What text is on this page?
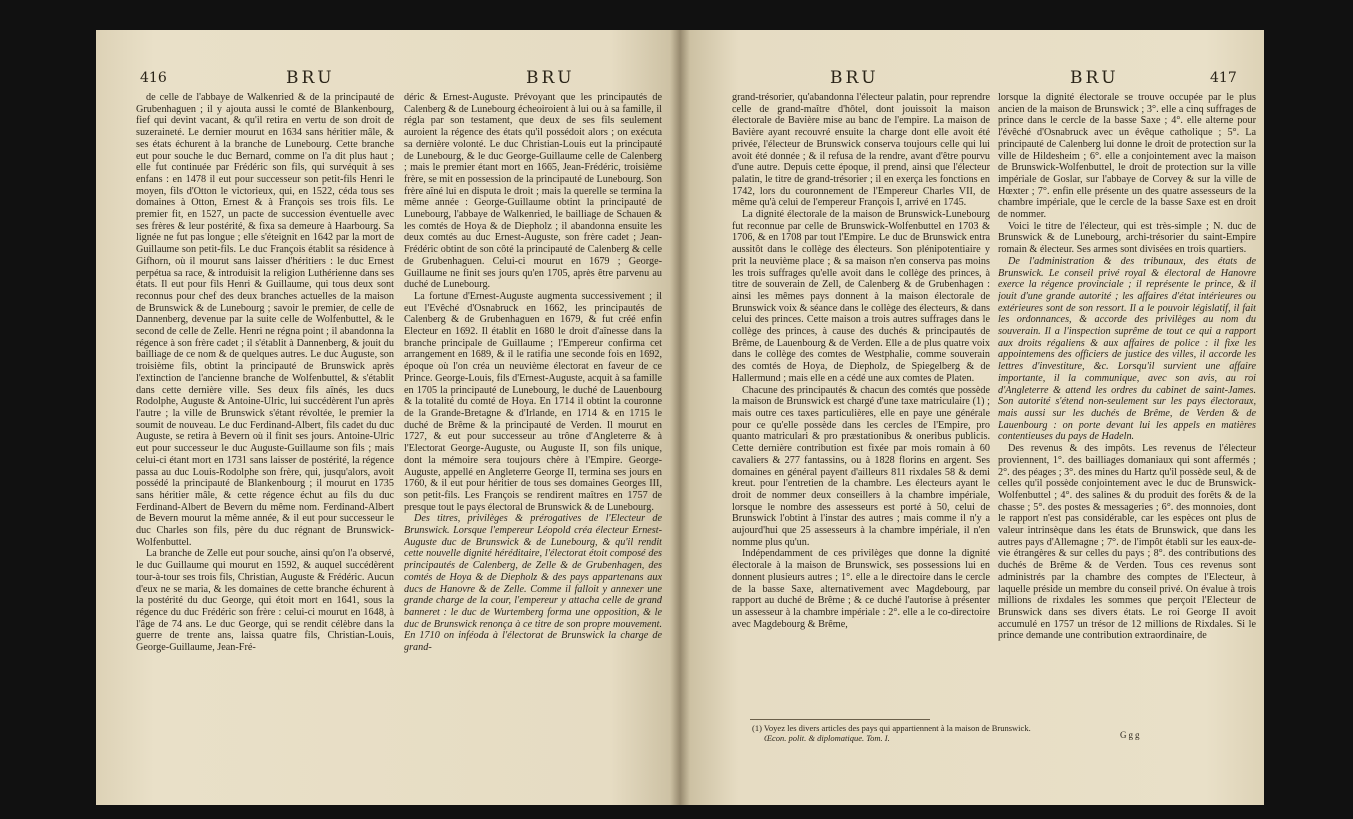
416	BRU	BRU

de celle de l'abbaye de Walkenried & de la principauté de Grubenhaguen ; il y ajouta aussi le comté de Blankenbourg, fief qui devint vacant, & qu'il retira en vertu de son droit de suzeraineté. Le dernier mourut en 1634 sans héritier mâle, & ses états échurent à la branche de Lunebourg. Cette branche eut pour souche le duc Bernard, comme on l'a dit plus haut ; elle fut continuée par Frédéric son fils, qui survéquit à ses enfans : en 1478 il eut pour successeur son petit-fils Henri le moyen, fils d'Otton le victorieux, qui, en 1522, céda tous ses domaines à Otton, Ernest & à François ses trois fils. Le premier fit, en 1527, un pacte de succession éventuelle avec ses frères & leur postérité, & fixa sa demeure à Haarbourg. Sa lignée ne fut pas longue ; elle s'éteignit en 1642 par la mort de Guillaume son petit-fils. Le duc François établit sa résidence à Gifhorn, où il mourut sans laisser d'héritiers : le duc Ernest perpétua sa race, & introduisit la religion Luthérienne dans ses états. Il eut pour fils Henri & Guillaume, qui tous deux sont reconnus pour chef des deux branches actuelles de la maison de Brunswick & de Lunebourg ; savoir le premier, de celle de Dannenberg, devenue par la suite celle de Wolfenbuttel, & le second de celle de Zelle. Henri ne régna point ; il abandonna la régence à son frère cadet ; il s'établit à Dannenberg, & jouit du bailliage de ce nom & de quelques autres. Le duc Auguste, son troisième fils, obtint la principauté de Brunswick après l'extinction de l'ancienne branche de Wolfenbuttel, & s'établit dans cette dernière ville. Ses deux fils aînés, les ducs Rodolphe, Auguste & Antoine-Ulric, lui succédèrent l'un après l'autre ; la ville de Brunswick s'étant révoltée, le premier la soumit de nouveau. Le duc Ferdinand-Albert, fils cadet du duc Auguste, se retira à Bevern où il finit ses jours. Antoine-Ulric eut pour successeur le duc Auguste-Guillaume son fils ; mais celui-ci étant mort en 1731 sans laisser de postérité, la régence passa au duc Louis-Rodolphe son frère, qui, jusqu'alors, avoit possédé la principauté de Blankenbourg ; il mourut en 1735 sans héritier mâle, & cette régence échut au fils du duc Ferdinand-Albert de Bevern du même nom. Ferdinand-Albert de Bevern mourut la même année, & il eut pour successeur le duc Charles son fils, père du duc régnant de Brunswick-Wolfenbuttel.

La branche de Zelle eut pour souche, ainsi qu'on l'a observé, le duc Guillaume qui mourut en 1592, & auquel succédèrent tour-à-tour ses trois fils, Christian, Auguste & Frédéric. Aucun d'eux ne se maria, & les domaines de cette branche échurent à la postérité du duc George, qui étoit mort en 1641, sous la régence du duc Frédéric son frère : celui-ci mourut en 1648, à l'âge de 74 ans. Le duc George, qui se rendit célèbre dans la guerre de trente ans, laissa quatre fils, Christian-Louis, George-Guillaume, Jean-Fré-

déric & Ernest-Auguste. Prévoyant que les principautés de Calenberg & de Lunebourg écheoiroient à lui ou à sa famille, il régla par son testament, que deux de ses fils seulement auroient la régence des états qu'il possédoit alors ; on exécuta sa dernière volonté. Le duc Christian-Louis eut la principauté de Lunebourg, & le duc George-Guillaume celle de Calenberg ; mais le premier étant mort en 1665, Jean-Frédéric, troisième frère, se mit en possession de la principauté de Lunebourg. Son frère aîné lui en disputa le droit ; mais la querelle se termina la même année : George-Guillaume obtint la principauté de Lunebourg, l'abbaye de Walkenried, le bailliage de Schauen & les comtés de Hoya & de Diepholz ; il abandonna ensuite les deux comtés au duc Ernest-Auguste, son frère cadet ; Jean-Frédéric obtint de son côté la principauté de Calenberg & celle de Grubenhaguen. Celui-ci mourut en 1679 ; George-Guillaume ne finit ses jours qu'en 1705, après être parvenu au duché de Lunebourg.

La fortune d'Ernest-Auguste augmenta successivement ; il eut l'Evêché d'Osnabruck en 1662, les principautés de Calenberg & de Grubenhaguen en 1679, & fut créé enfin Electeur en 1692. Il établit en 1680 le droit d'aînesse dans la branche principale de Guillaume ; l'Empereur confirma cet arrangement en 1689, & il le ratifia une seconde fois en 1692, époque où l'on créa un neuvième électorat en faveur de ce Prince. George-Louis, fils d'Ernest-Auguste, acquit à sa famille en 1705 la principauté de Lunebourg, le duché de Lauenbourg & la totalité du comté de Hoya. En 1714 il obtint la couronne de la Grande-Bretagne & d'Irlande, en 1714 & en 1715 le duché de Brême & la principauté de Verden. Il mourut en 1727, & eut pour successeur au trône d'Angleterre & à l'Electorat George-Auguste, ou Auguste II, son fils unique, dont la mémoire sera toujours chère à l'Empire. George-Auguste, appellé en Angleterre George II, termina ses jours en 1760, & il eut pour héritier de tous ses domaines Georges III, son petit-fils. Les François se rendirent maîtres en 1757 de presque tout le pays électoral de Brunswick & de Lunebourg.

Des titres, privilèges & prérogatives de l'Electeur de Brunswick. Lorsque l'empereur Léopold créa électeur Ernest-Auguste duc de Brunswick & de Lunebourg, & qu'il rendit cette nouvelle dignité héréditaire, l'électorat étoit composé des principautés de Calenberg, de Zelle & de Grubenhagen, des comtés de Hoya & de Diepholz & des pays appartenans aux ducs de Hanovre & de Zelle. Comme il falloit y annexer une grande charge de la cour, l'empereur y attacha celle de grand banneret : le duc de Wurtemberg forma une opposition, & le duc de Brunswick renonça à ce titre de son propre mouvement. En 1710 on inféoda à l'électorat de Brunswick la charge de grand-

BRU	BRU	417

grand-trésorier, qu'abandonna l'électeur palatin, pour reprendre celle de grand-maître d'hôtel, dont jouissoit la maison électorale de Bavière mise au banc de l'empire. La maison de Bavière ayant recouvré ensuite la charge dont elle avoit été privée, l'électeur de Brunswick conserva toujours celle qui lui avoit été donnée ; & il refusa de la rendre, avant d'être pourvu d'une autre. Depuis cette époque, il prend, ainsi que l'électeur palatin, le titre de grand-trésorier ; il en exerça les fonctions en 1742, lors du couronnement de l'Empereur Charles VII, de même qu'à celui de l'empereur François I, arrivé en 1745.

La dignité électorale de la maison de Brunswick-Lunebourg fut reconnue par celle de Brunswick-Wolfenbuttel en 1703 & 1706, & en 1708 par tout l'Empire. Le duc de Brunswick entra aussitôt dans le collège des électeurs. Son plénipotentiaire y prit la neuvième place ; & sa maison n'en conserva pas moins les trois suffrages qu'elle avoit dans le collège des princes, à titre de souverain de Zell, de Calenberg & de Grubenhagen : ainsi les mêmes pays donnent à la maison électorale de Brunswick voix & séance dans le collège des électeurs, & dans celui des princes. Cette maison a trois autres suffrages dans le collège des princes, à cause des duchés & principautés de Brême, de Lauenbourg & de Verden. Elle a de plus quatre voix dans le collège des comtes de Westphalie, comme souverain des comtés de Hoya, de Diepholz, de Spiegelberg & de Hallermund ; mais elle en a cédé une aux comtes de Platen.

Chacune des principautés & chacun des comtés que possède la maison de Brunswick est chargé d'une taxe matriculaire (1) ; mais outre ces taxes particulières, elle en paye une générale pour ce qu'elle possède dans les cercles de l'Empire, pro quanto matriculari & pro præstationibus & oneribus publicis. Cette dernière contribution est fixée par mois romain à 60 cavaliers & 277 fantassins, ou à 1828 florins en argent. Ses domaines en général payent d'ailleurs 811 rixdales 58 & demi kreut. pour l'entretien de la chambre. Les électeurs ayant le droit de nommer deux conseillers à la chambre impériale, lorsque le nombre des assesseurs est porté à 50, celui de Brunswick l'obtint à l'instar des autres ; mais comme il n'y a aujourd'hui que 25 assesseurs à la chambre impériale, il n'en nomme plus qu'un.

Indépendamment de ces privilèges que donne la dignité électorale à la maison de Brunswick, ses possessions lui en donnent plusieurs autres ; 1°. elle a le directoire dans le cercle de la basse Saxe, alternativement avec Magdebourg, par rapport au duché de Brême ; & ce duché l'autorise à présenter un assesseur à la chambre impériale : 2°. elle a le co-directoire avec Magdebourg & Brême,

lorsque la dignité électorale se trouve occupée par le plus ancien de la maison de Brunswick ; 3°. elle a cinq suffrages de prince dans le cercle de la basse Saxe ; 4°. elle alterne pour l'évêché d'Osnabruck avec un évêque catholique ; 5°. La principauté de Calenberg lui donne le droit de protection sur la ville de Hildesheim ; 6°. elle a conjointement avec la maison de Brunswick-Wolfenbuttel, le droit de protection sur la ville impériale de Goslar, sur l'abbaye de Corvey & sur la ville de Hœxter ; 7°. enfin elle présente un des quatre assesseurs de la chambre impériale, que le cercle de la basse Saxe est en droit de nommer.

Voici le titre de l'électeur, qui est très-simple ; N. duc de Brunswick & de Lunebourg, archi-trésorier du saint-Empire romain & électeur. Ses armes sont divisées en trois quartiers.

De l'administration & des tribunaux, des états de Brunswick. Le conseil privé royal & électoral de Hanovre exerce la régence provinciale ; il représente le prince, & il jouit d'une grande autorité ; les affaires d'état intérieures ou extérieures sont de son ressort. Il a le pouvoir législatif, il fait les ordonnances, & accorde des privilèges au nom du souverain. Il a l'inspection suprême de tout ce qui a rapport aux droits régaliens & aux affaires de police : il fixe les appointemens des officiers de justice des villes, il accorde les lettres d'investiture, &c. Lorsqu'il survient une affaire importante, il la communique, avec son avis, au roi d'Angleterre & attend les ordres du cabinet de saint-James. Son autorité s'étend non-seulement sur les pays électoraux, mais aussi sur les duchés de Brême, de Verden & de Lauenbourg : on porte devant lui les appels en matières contentieuses du pays de Hadeln.

Des revenus & des impôts. Les revenus de l'électeur proviennent, 1°. des bailliages domaniaux qui sont affermés ; 2°. des péages ; 3°. des mines du Hartz qu'il possède seul, & de celles qu'il possède conjointement avec le duc de Brunswick-Wolfenbuttel ; 4°. des salines & du produit des forêts & de la chasse ; 5°. des postes & messageries ; 6°. des monnoies, dont le rapport n'est pas considérable, car les espèces ont plus de valeur intrinsèque dans les états de Brunswick, que dans les autres pays d'Allemagne ; 7°. de l'impôt établi sur les eaux-de-vie étrangères & sur celles du pays ; 8°. des contributions des duchés de Brême & de Verden. Tous ces revenus sont administrés par la chambre des comptes de l'Electeur, à laquelle préside un membre du conseil privé. On évalue à trois millions de rixdales les sommes que perçoit l'Electeur de Brunswick dans ses divers états. Le roi George II avoit accumulé en 1757 un trésor de 12 millions de Rixdales. Si le prince demande une contribution extraordinaire, de

(1) Voyez les divers articles des pays qui appartiennent à la maison de Brunswick.
Œcon. polit. & diplomatique. Tom. I.	Ggg
